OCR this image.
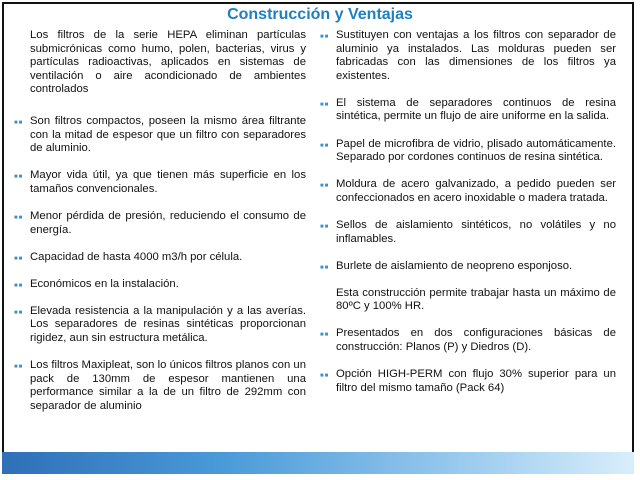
Construcción y Ventajas
Los filtros de la serie HEPA eliminan partículas submicrónicas como humo, polen, bacterias, virus y partículas radioactivas, aplicados en sistemas de ventilación o aire acondicionado de ambientes controlados
■■ Son filtros compactos, poseen la mismo área filtrante con la mitad de espesor que un filtro con separadores de aluminio.
■■ Mayor vida útil, ya que tienen más superficie en los tamaños convencionales.
■■ Menor pérdida de presión, reduciendo el consumo de energía.
■■ Capacidad de hasta 4000 m3/h por célula.
■■ Económicos en la instalación.
■■ Elevada resistencia a la manipulación y a las averías. Los separadores de resinas sintéticas proporcionan rigidez, aun sin estructura metálica.
■■ Los filtros Maxipleat, son lo únicos filtros planos con un pack de 130mm de espesor mantienen una performance similar a la de un filtro de 292mm con separador de aluminio
■■ Sustituyen con ventajas a los filtros con separador de aluminio ya instalados. Las molduras pueden ser fabricadas con las dimensiones de los filtros ya existentes.
■■ El sistema de separadores continuos de resina sintética, permite un flujo de aire uniforme en la salida.
■■ Papel de microfibra de vidrio, plisado automáticamente. Separado por cordones continuos de resina sintética.
■■ Moldura de acero galvanizado, a pedido pueden ser confeccionados en acero inoxidable o madera tratada.
■■ Sellos de aislamiento sintéticos, no volátiles y no inflamables.
■■ Burlete de aislamiento de neopreno esponjoso.
Esta construcción permite trabajar hasta un máximo de 80ºC y 100% HR.
■■ Presentados en dos configuraciones básicas de construcción: Planos (P) y Diedros (D).
■■ Opción HIGH-PERM con flujo 30% superior para un filtro del mismo tamaño (Pack 64)
